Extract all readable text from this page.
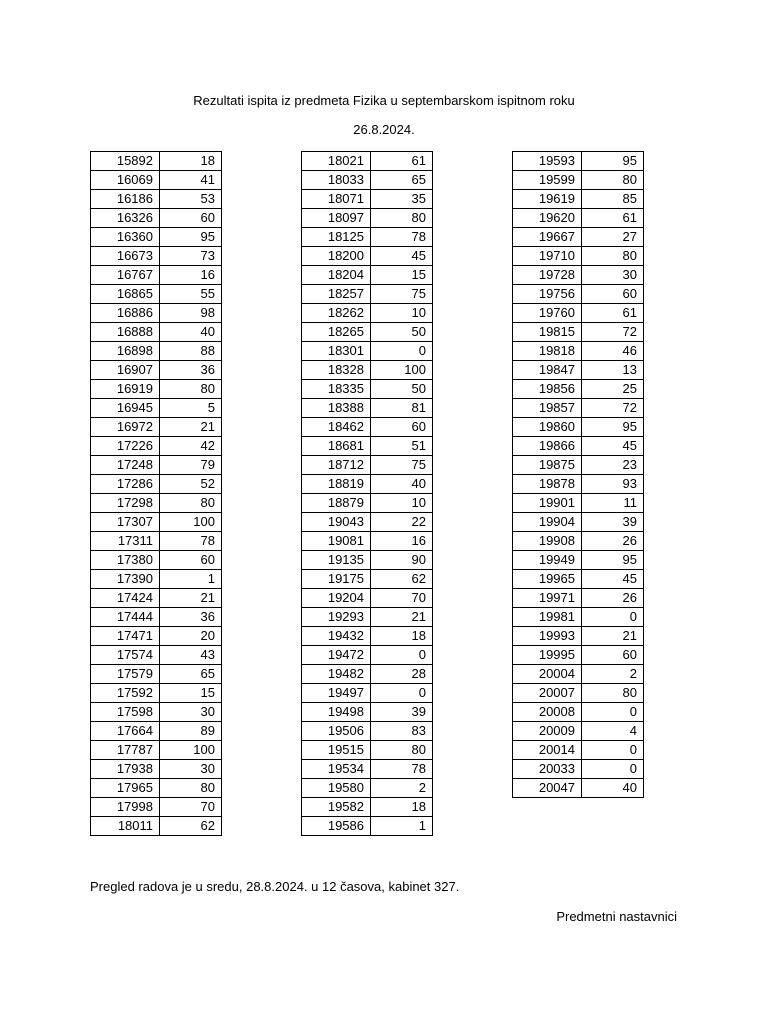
Rezultati ispita iz predmeta Fizika u septembarskom ispitnom roku
26.8.2024.
15892	18
16069	41
16186	53
16326	60
16360	95
16673	73
16767	16
16865	55
16886	98
16888	40
16898	88
16907	36
16919	80
16945	5
16972	21
17226	42
17248	79
17286	52
17298	80
17307	100
17311	78
17380	60
17390	1
17424	21
17444	36
17471	20
17574	43
17579	65
17592	15
17598	30
17664	89
17787	100
17938	30
17965	80
17998	70
18011	62
18021	61
18033	65
18071	35
18097	80
18125	78
18200	45
18204	15
18257	75
18262	10
18265	50
18301	0
18328	100
18335	50
18388	81
18462	60
18681	51
18712	75
18819	40
18879	10
19043	22
19081	16
19135	90
19175	62
19204	70
19293	21
19432	18
19472	0
19482	28
19497	0
19498	39
19506	83
19515	80
19534	78
19580	2
19582	18
19586	1
19593	95
19599	80
19619	85
19620	61
19667	27
19710	80
19728	30
19756	60
19760	61
19815	72
19818	46
19847	13
19856	25
19857	72
19860	95
19866	45
19875	23
19878	93
19901	11
19904	39
19908	26
19949	95
19965	45
19971	26
19981	0
19993	21
19995	60
20004	2
20007	80
20008	0
20009	4
20014	0
20033	0
20047	40
Pregled radova je u sredu, 28.8.2024. u 12 časova, kabinet 327.
Predmetni nastavnici
